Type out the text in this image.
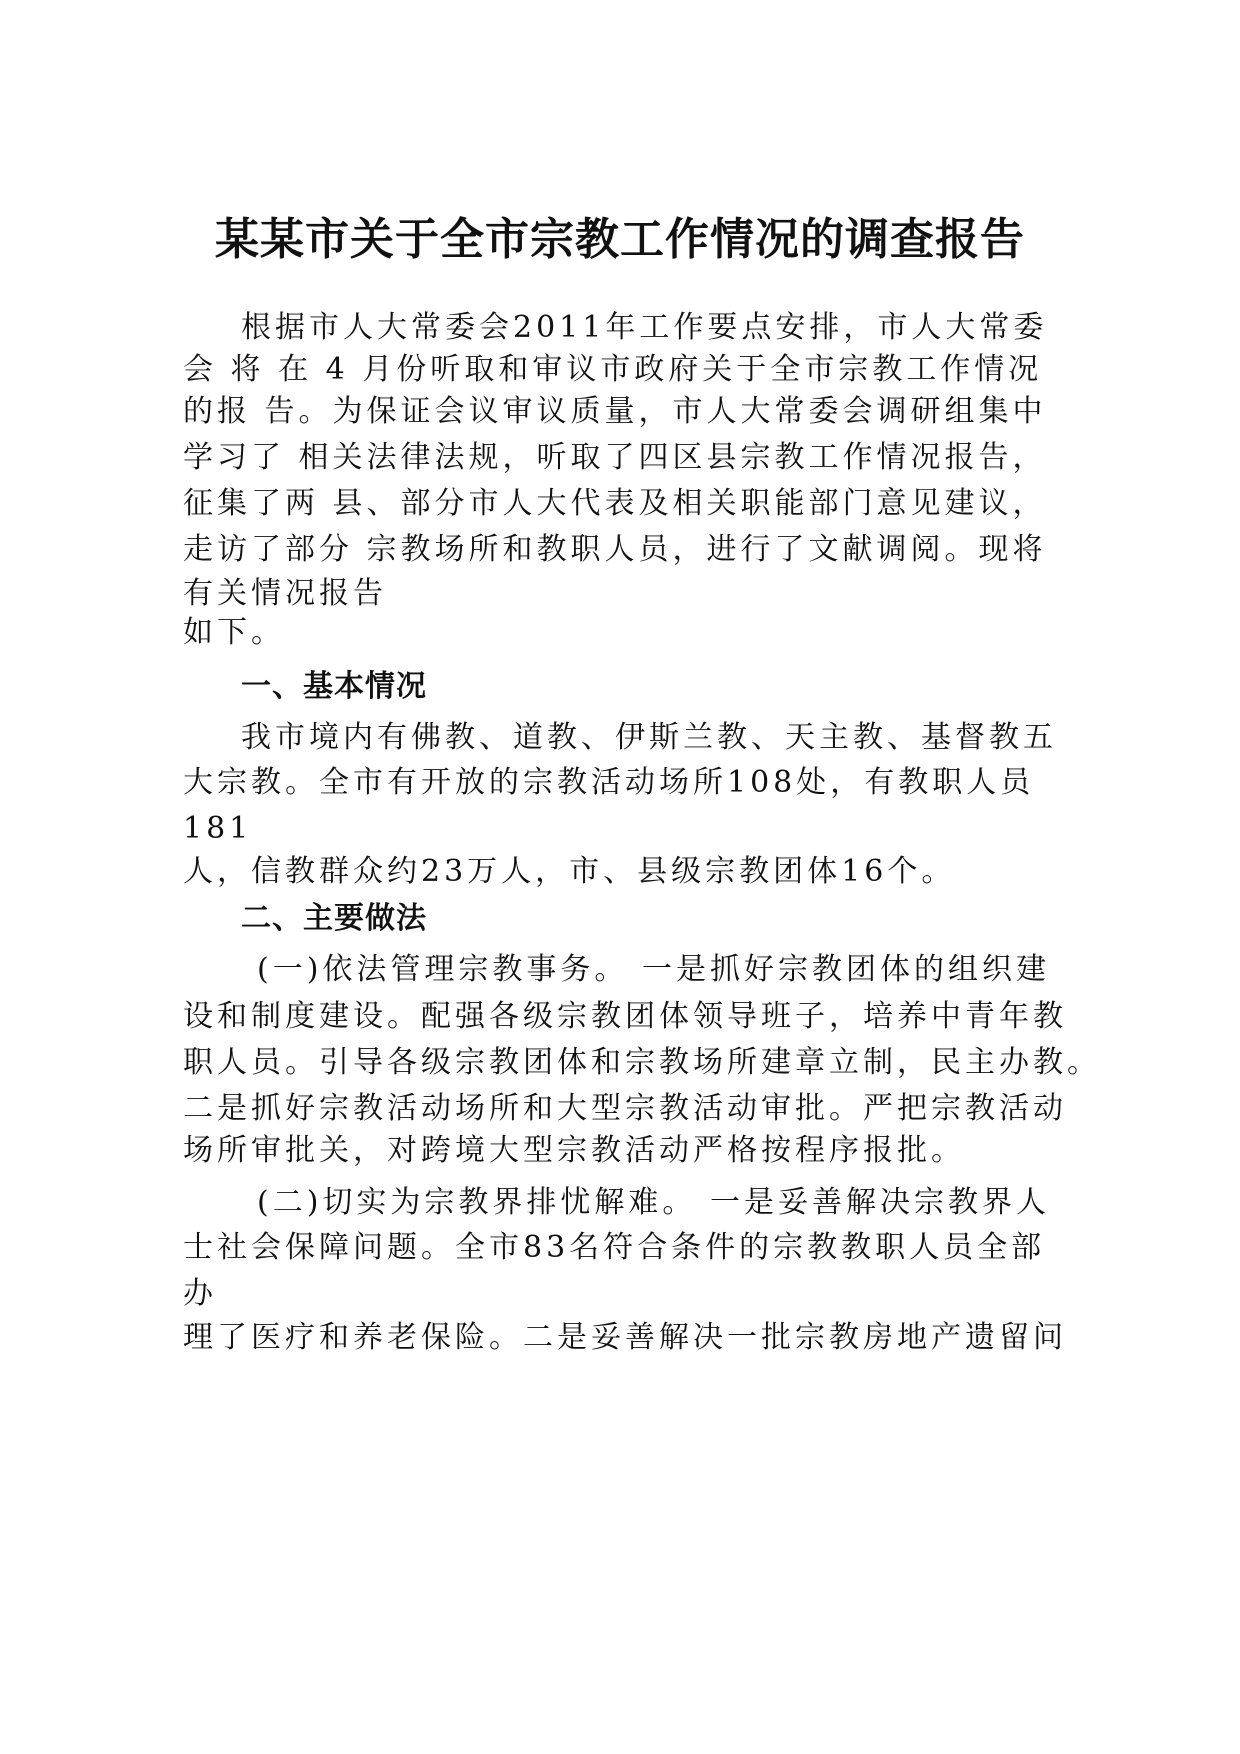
某某市关于全市宗教工作情况的调查报告

根据市人大常委会2011年工作要点安排，市人大常委

会 将 在 4 月份听取和审议市政府关于全市宗教工作情况

的报 告。为保证会议审议质量，市人大常委会调研组集中

学习了 相关法律法规，听取了四区县宗教工作情况报告，

征集了两 县、部分市人大代表及相关职能部门意见建议，

走访了部分 宗教场所和教职人员，进行了文献调阅。现将

有关情况报告

如下。

一、基本情况

我市境内有佛教、道教、伊斯兰教、天主教、基督教五

大宗教。全市有开放的宗教活动场所108处，有教职人员

181

人，信教群众约23万人，市、县级宗教团体16个。

二、主要做法

(一)依法管理宗教事务。 一是抓好宗教团体的组织建

设和制度建设。配强各级宗教团体领导班子，培养中青年教

职人员。引导各级宗教团体和宗教场所建章立制，民主办教。

二是抓好宗教活动场所和大型宗教活动审批。严把宗教活动

场所审批关，对跨境大型宗教活动严格按程序报批。

(二)切实为宗教界排忧解难。 一是妥善解决宗教界人

士社会保障问题。全市83名符合条件的宗教教职人员全部

办

理了医疗和养老保险。二是妥善解决一批宗教房地产遗留问
